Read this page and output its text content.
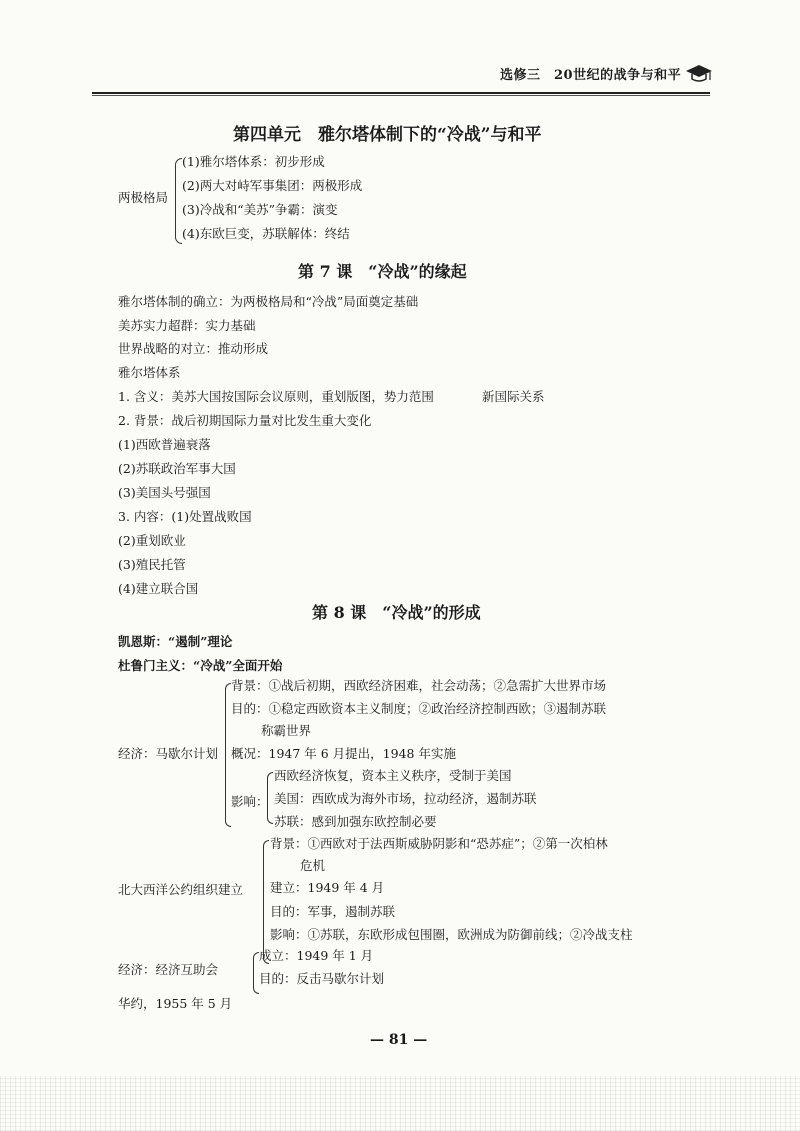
选修三　20世纪的战争与和平
第四单元　雅尔塔体制下的“冷战”与和平
两极格局
(1)雅尔塔体系：初步形成
(2)两大对峙军事集团：两极形成
(3)冷战和“美苏”争霸：演变
(4)东欧巨变，苏联解体：终结
第 7 课　“冷战”的缘起
雅尔塔体制的确立：为两极格局和“冷战”局面奠定基础
美苏实力超群：实力基础
世界战略的对立：推动形成
雅尔塔体系
1. 含义：美苏大国按国际会议原则，重划版图，势力范围	新国际关系
2. 背景：战后初期国际力量对比发生重大变化
(1)西欧普遍衰落
(2)苏联政治军事大国
(3)美国头号强国
3. 内容：(1)处置战败国
(2)重划欧业
(3)殖民托管
(4)建立联合国
第 8 课　“冷战”的形成
凯恩斯：“遏制”理论
杜鲁门主义：“冷战”全面开始
经济：马歇尔计划
背景：①战后初期，西欧经济困难，社会动荡；②急需扩大世界市场
目的：①稳定西欧资本主义制度；②政治经济控制西欧；③遏制苏联
称霸世界
概况：1947 年 6 月提出，1948 年实施
影响：
西欧经济恢复，资本主义秩序，受制于美国
美国：西欧成为海外市场，拉动经济，遏制苏联
苏联：感到加强东欧控制必要
北大西洋公约组织建立
背景：①西欧对于法西斯威胁阴影和“恐苏症”；②第一次柏林
危机
建立：1949 年 4 月
目的：军事，遏制苏联
影响：①苏联，东欧形成包围圈，欧洲成为防御前线；②冷战支柱
经济：经济互助会
成立：1949 年 1 月
目的：反击马歇尔计划
华约，1955 年 5 月
— 81 —
